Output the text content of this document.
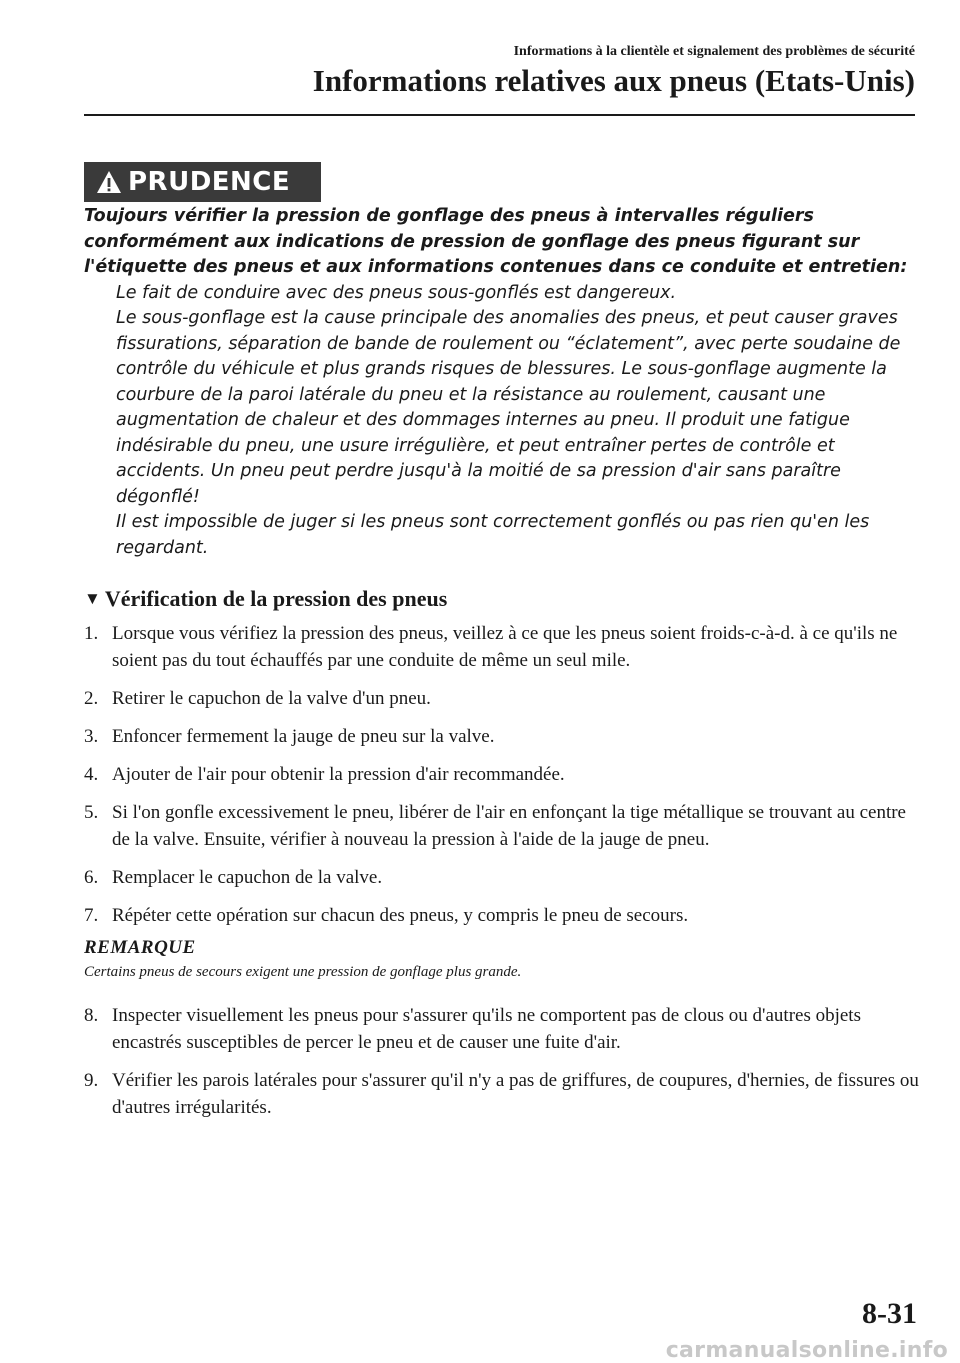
Informations à la clientèle et signalement des problèmes de sécurité
Informations relatives aux pneus (Etats-Unis)
PRUDENCE
Toujours vérifier la pression de gonflage des pneus à intervalles réguliers conformément aux indications de pression de gonflage des pneus figurant sur l'étiquette des pneus et aux informations contenues dans ce conduite et entretien:
Le fait de conduire avec des pneus sous-gonflés est dangereux.
Le sous-gonflage est la cause principale des anomalies des pneus, et peut causer graves fissurations, séparation de bande de roulement ou “éclatement”, avec perte soudaine de contrôle du véhicule et plus grands risques de blessures. Le sous-gonflage augmente la courbure de la paroi latérale du pneu et la résistance au roulement, causant une augmentation de chaleur et des dommages internes au pneu. Il produit une fatigue indésirable du pneu, une usure irrégulière, et peut entraîner pertes de contrôle et accidents. Un pneu peut perdre jusqu'à la moitié de sa pression d'air sans paraître dégonflé!
Il est impossible de juger si les pneus sont correctement gonflés ou pas rien qu'en les regardant.
▼ Vérification de la pression des pneus
1. Lorsque vous vérifiez la pression des pneus, veillez à ce que les pneus soient froids-c-à-d. à ce qu'ils ne soient pas du tout échauffés par une conduite de même un seul mile.
2. Retirer le capuchon de la valve d'un pneu.
3. Enfoncer fermement la jauge de pneu sur la valve.
4. Ajouter de l'air pour obtenir la pression d'air recommandée.
5. Si l'on gonfle excessivement le pneu, libérer de l'air en enfonçant la tige métallique se trouvant au centre de la valve. Ensuite, vérifier à nouveau la pression à l'aide de la jauge de pneu.
6. Remplacer le capuchon de la valve.
7. Répéter cette opération sur chacun des pneus, y compris le pneu de secours.
REMARQUE
Certains pneus de secours exigent une pression de gonflage plus grande.
8. Inspecter visuellement les pneus pour s'assurer qu'ils ne comportent pas de clous ou d'autres objets encastrés susceptibles de percer le pneu et de causer une fuite d'air.
9. Vérifier les parois latérales pour s'assurer qu'il n'y a pas de griffures, de coupures, d'hernies, de fissures ou d'autres irrégularités.
8-31
carmanualsonline.info
